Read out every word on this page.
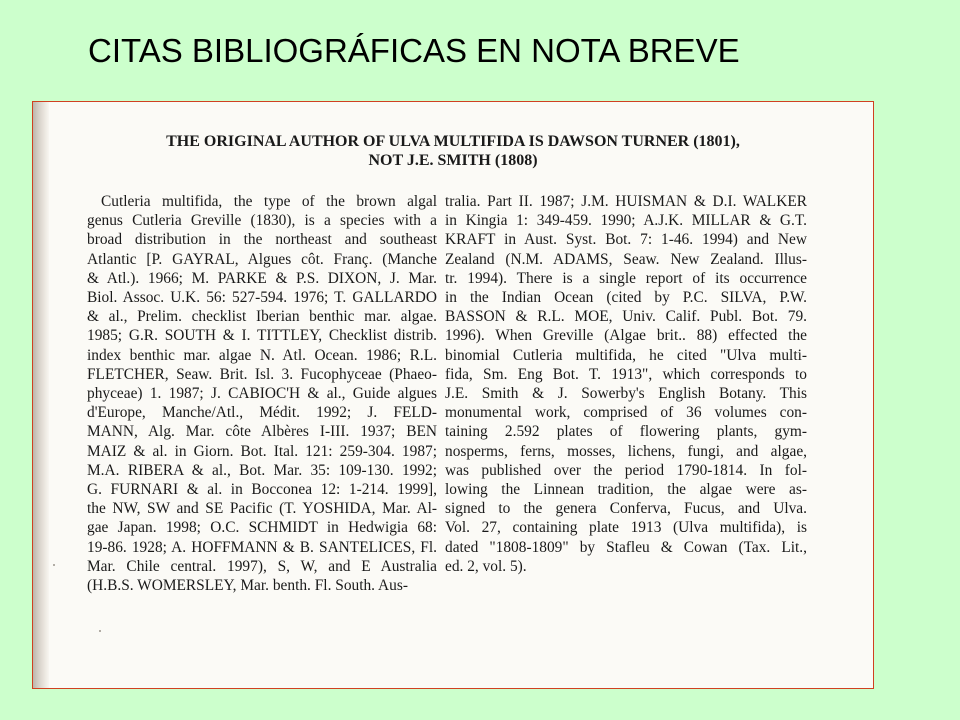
CITAS BIBLIOGRÁFICAS EN NOTA BREVE
THE ORIGINAL AUTHOR OF ULVA MULTIFIDA IS DAWSON TURNER (1801),
NOT J.E. SMITH (1808)
Cutleria multifida, the type of the brown algal
genus Cutleria Greville (1830), is a species with a
broad distribution in the northeast and southeast
Atlantic [P. GAYRAL, Algues côt. Franç. (Manche
& Atl.). 1966; M. PARKE & P.S. DIXON, J. Mar.
Biol. Assoc. U.K. 56: 527-594. 1976; T. GALLARDO
& al., Prelim. checklist Iberian benthic mar. algae.
1985; G.R. SOUTH & I. TITTLEY, Checklist distrib.
index benthic mar. algae N. Atl. Ocean. 1986; R.L.
FLETCHER, Seaw. Brit. Isl. 3. Fucophyceae (Phaeo-
phyceae) 1. 1987; J. CABIOC'H & al., Guide algues
d'Europe, Manche/Atl., Médit. 1992; J. FELD-
MANN, Alg. Mar. côte Albères I-III. 1937; BEN
MAIZ & al. in Giorn. Bot. Ital. 121: 259-304. 1987;
M.A. RIBERA & al., Bot. Mar. 35: 109-130. 1992;
G. FURNARI & al. in Bocconea 12: 1-214. 1999],
the NW, SW and SE Pacific (T. YOSHIDA, Mar. Al-
gae Japan. 1998; O.C. SCHMIDT in Hedwigia 68:
19-86. 1928; A. HOFFMANN & B. SANTELICES, Fl.
Mar. Chile central. 1997), S, W, and E Australia
(H.B.S. WOMERSLEY, Mar. benth. Fl. South. Aus-
tralia. Part II. 1987; J.M. HUISMAN & D.I. WALKER
in Kingia 1: 349-459. 1990; A.J.K. MILLAR & G.T.
KRAFT in Aust. Syst. Bot. 7: 1-46. 1994) and New
Zealand (N.M. ADAMS, Seaw. New Zealand. Illus-
tr. 1994). There is a single report of its occurrence
in the Indian Ocean (cited by P.C. SILVA, P.W.
BASSON & R.L. MOE, Univ. Calif. Publ. Bot. 79.
1996). When Greville (Algae brit.. 88) effected the
binomial Cutleria multifida, he cited "Ulva multi-
fida, Sm. Eng Bot. T. 1913", which corresponds to
J.E. Smith & J. Sowerby's English Botany. This
monumental work, comprised of 36 volumes con-
taining 2.592 plates of flowering plants, gym-
nosperms, ferns, mosses, lichens, fungi, and algae,
was published over the period 1790-1814. In fol-
lowing the Linnean tradition, the algae were as-
signed to the genera Conferva, Fucus, and Ulva.
Vol. 27, containing plate 1913 (Ulva multifida), is
dated "1808-1809" by Stafleu & Cowan (Tax. Lit.,
ed. 2, vol. 5).
